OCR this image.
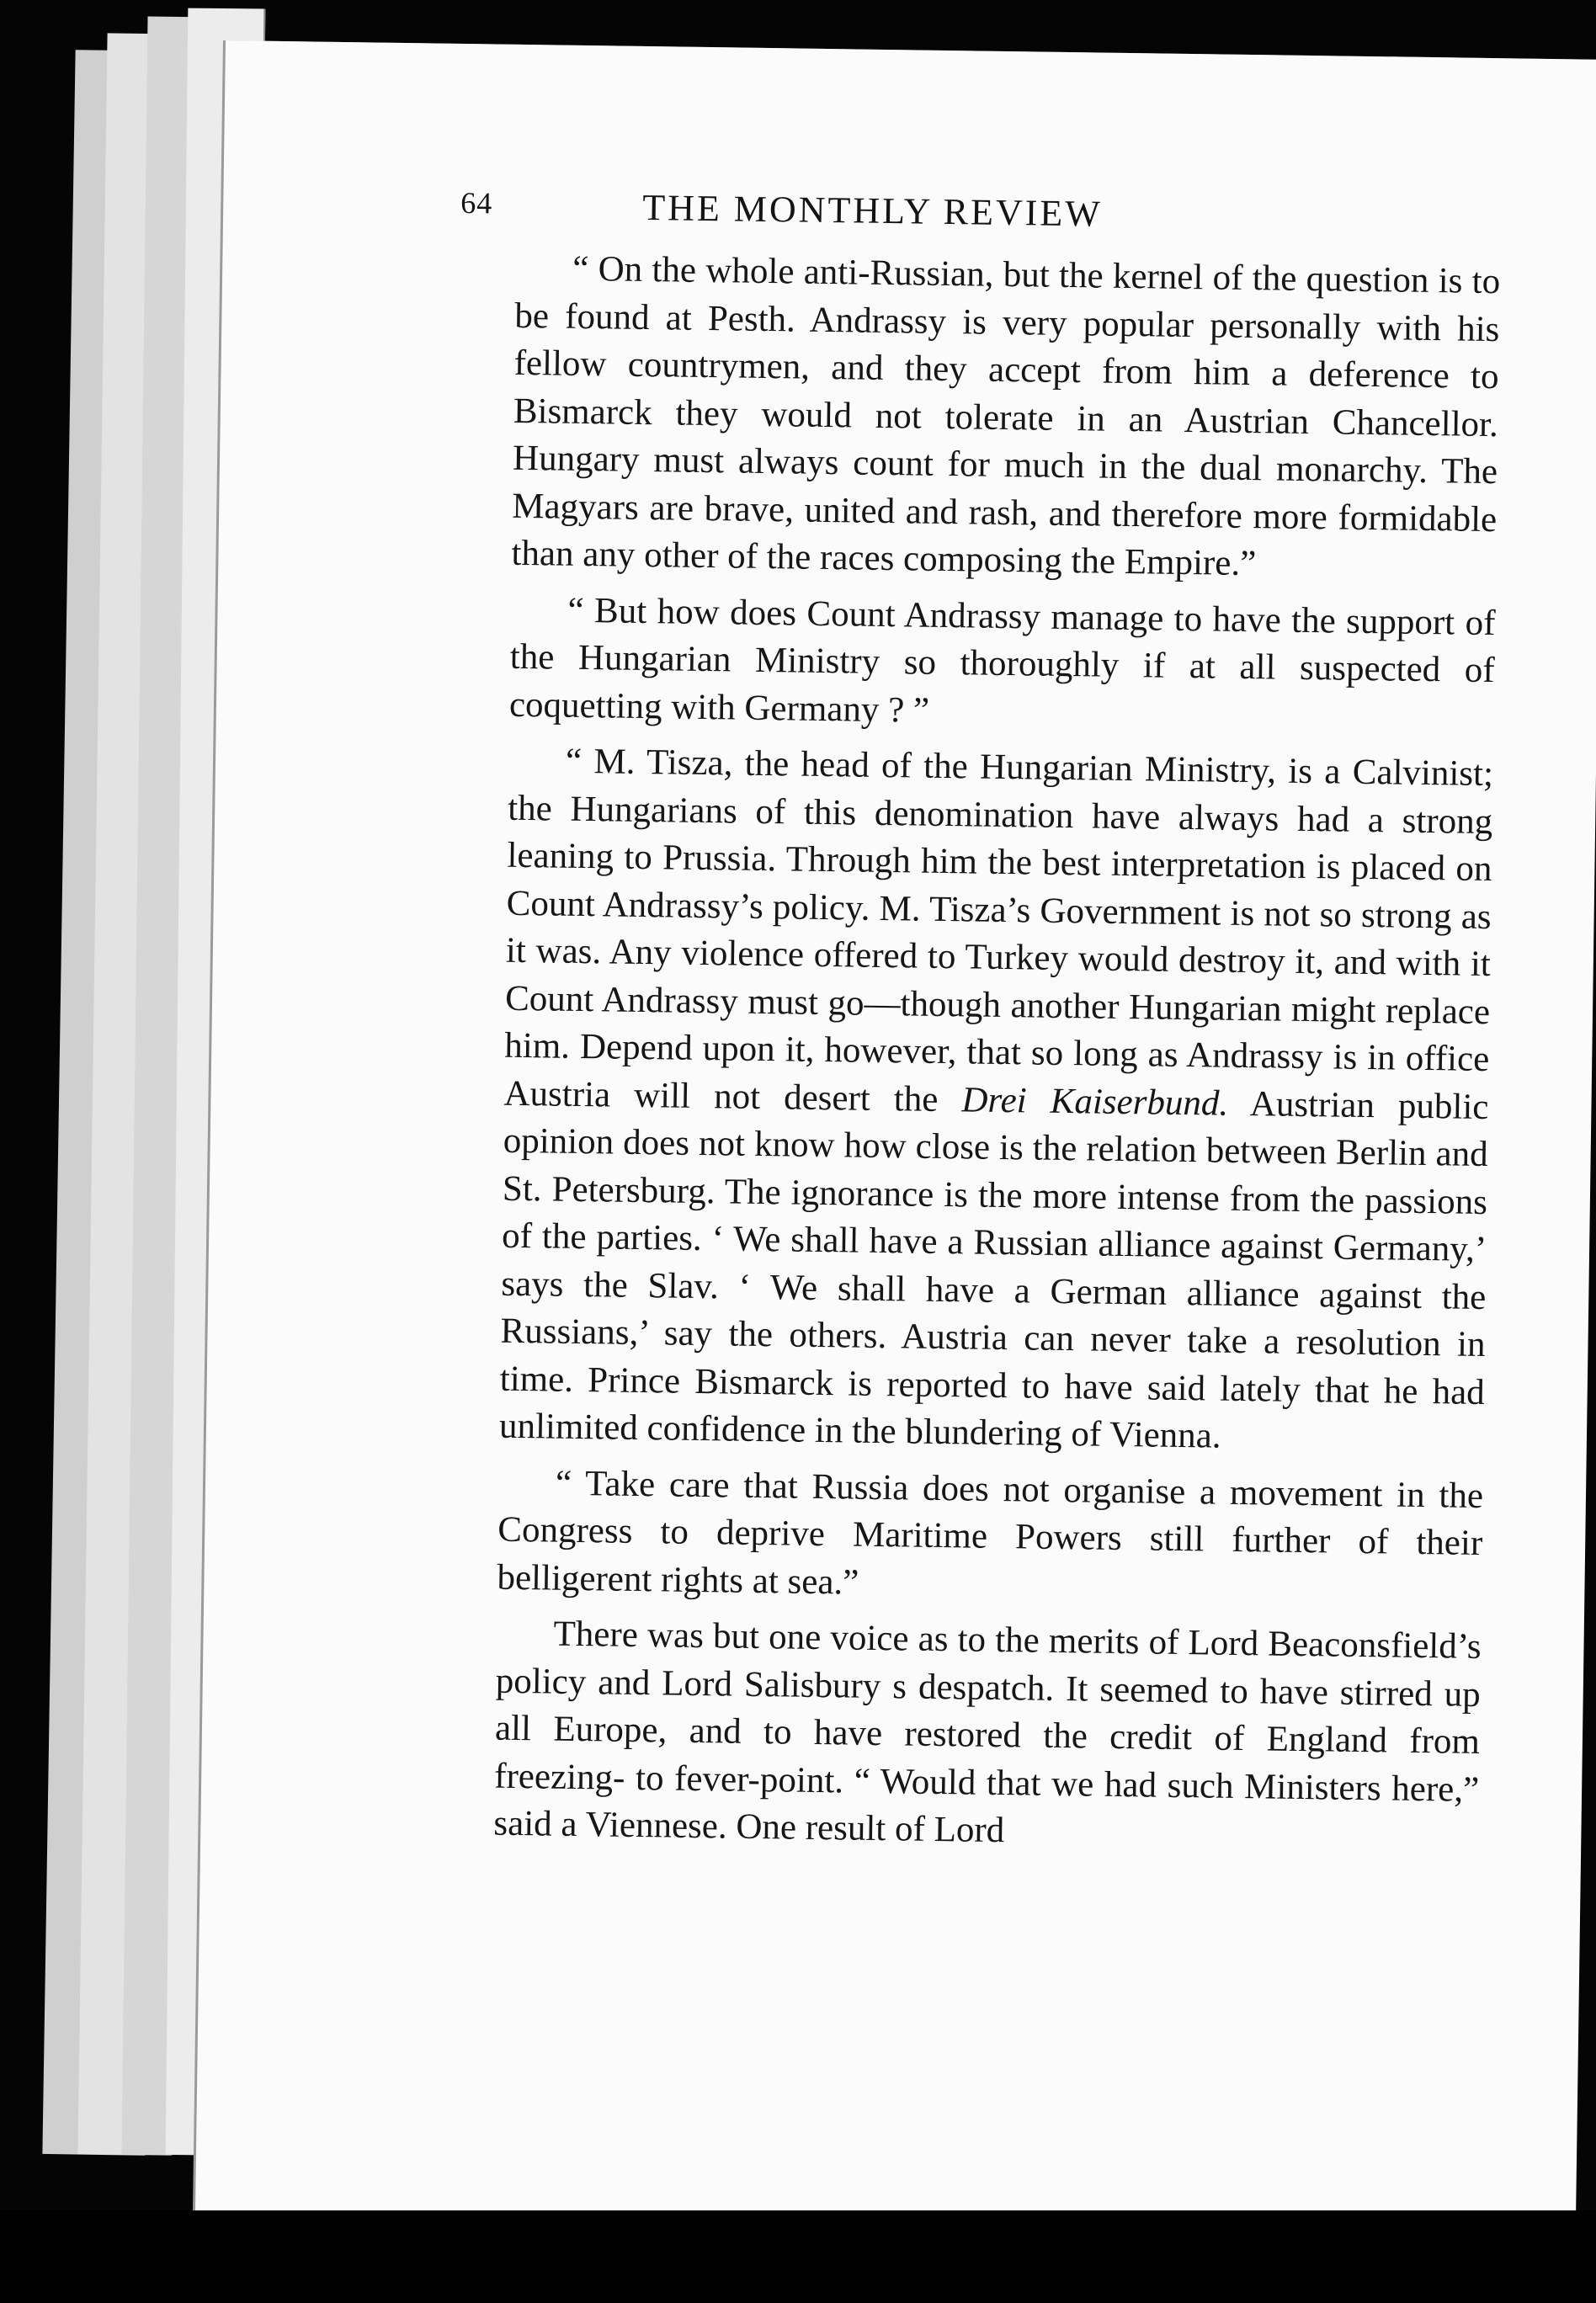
64	THE MONTHLY REVIEW

“ On the whole anti-Russian, but the kernel of the question is to be found at Pesth. Andrassy is very popular personally with his fellow countrymen, and they accept from him a deference to Bismarck they would not tolerate in an Austrian Chancellor. Hungary must always count for much in the dual monarchy. The Magyars are brave, united and rash, and therefore more formidable than any other of the races composing the Empire.”

“ But how does Count Andrassy manage to have the support of the Hungarian Ministry so thoroughly if at all suspected of coquetting with Germany ? ”

“ M. Tisza, the head of the Hungarian Ministry, is a Calvinist; the Hungarians of this denomination have always had a strong leaning to Prussia. Through him the best interpretation is placed on Count Andrassy’s policy. M. Tisza’s Government is not so strong as it was. Any violence offered to Turkey would destroy it, and with it Count Andrassy must go—though another Hungarian might replace him. Depend upon it, however, that so long as Andrassy is in office Austria will not desert the Drei Kaiserbund. Austrian public opinion does not know how close is the relation between Berlin and St. Petersburg. The ignorance is the more intense from the passions of the parties. ‘ We shall have a Russian alliance against Germany,’ says the Slav. ‘ We shall have a German alliance against the Russians,’ say the others. Austria can never take a resolution in time. Prince Bismarck is reported to have said lately that he had unlimited confidence in the blundering of Vienna.

“ Take care that Russia does not organise a movement in the Congress to deprive Maritime Powers still further of their belligerent rights at sea.”

There was but one voice as to the merits of Lord Beaconsfield’s policy and Lord Salisbury s despatch. It seemed to have stirred up all Europe, and to have restored the credit of England from freezing- to fever-point. “ Would that we had such Ministers here,” said a Viennese. One result of Lord
